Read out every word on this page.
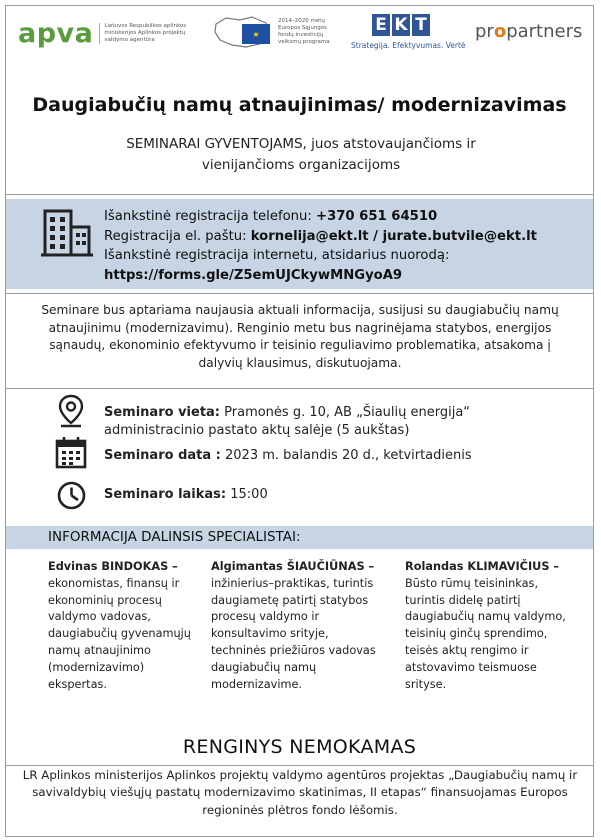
apva	Lietuvos Respublikos aplinkos ministerijos Aplinkos projektų valdymo agentūra
★
2014–2020 metų Europos Sąjungos fondų investicijų veiksmų programa
E K T
Strategija. Efektyvumas. Vertė
propartners
Daugiabučių namų atnaujinimas/ modernizavimas
SEMINARAI GYVENTOJAMS, juos atstovaujančioms ir
vienijančioms organizacijoms
Išankstinė registracija telefonu: +370 651 64510
Registracija el. paštu: kornelija@ekt.lt / jurate.butvile@ekt.lt
Išankstinė registracija internetu, atsidarius nuorodą:
https://forms.gle/Z5emUJCkywMNGyoA9
Seminare bus aptariama naujausia aktuali informacija, susijusi su daugiabučių namų atnaujinimu (modernizavimu). Renginio metu bus nagrinėjama statybos, energijos sąnaudų, ekonominio efektyvumo ir teisinio reguliavimo problematika, atsakoma į dalyvių klausimus, diskutuojama.
Seminaro vieta: Pramonės g. 10, AB „Šiaulių energija“
administracinio pastato aktų salėje (5 aukštas)
Seminaro data : 2023 m. balandis 20 d., ketvirtadienis
Seminaro laikas: 15:00
INFORMACIJA DALINSIS SPECIALISTAI:
Edvinas BINDOKAS –
ekonomistas, finansų ir ekonominių procesų valdymo vadovas, daugiabučių gyvenamųjų namų atnaujinimo (modernizavimo) ekspertas.
Algimantas ŠIAUČIŪNAS –
inžinierius–praktikas, turintis daugiametę patirtį statybos procesų valdymo ir konsultavimo srityje, techninės priežiūros vadovas daugiabučių namų modernizavime.
Rolandas KLIMAVIČIUS –
Būsto rūmų teisininkas, turintis didelę patirtį daugiabučių namų valdymo, teisinių ginčų sprendimo, teisės aktų rengimo ir atstovavimo teismuose srityse.
RENGINYS NEMOKAMAS
LR Aplinkos ministerijos Aplinkos projektų valdymo agentūros projektas „Daugiabučių namų ir savivaldybių viešųjų pastatų modernizavimo skatinimas, II etapas“ finansuojamas Europos regioninės plėtros fondo lėšomis.
